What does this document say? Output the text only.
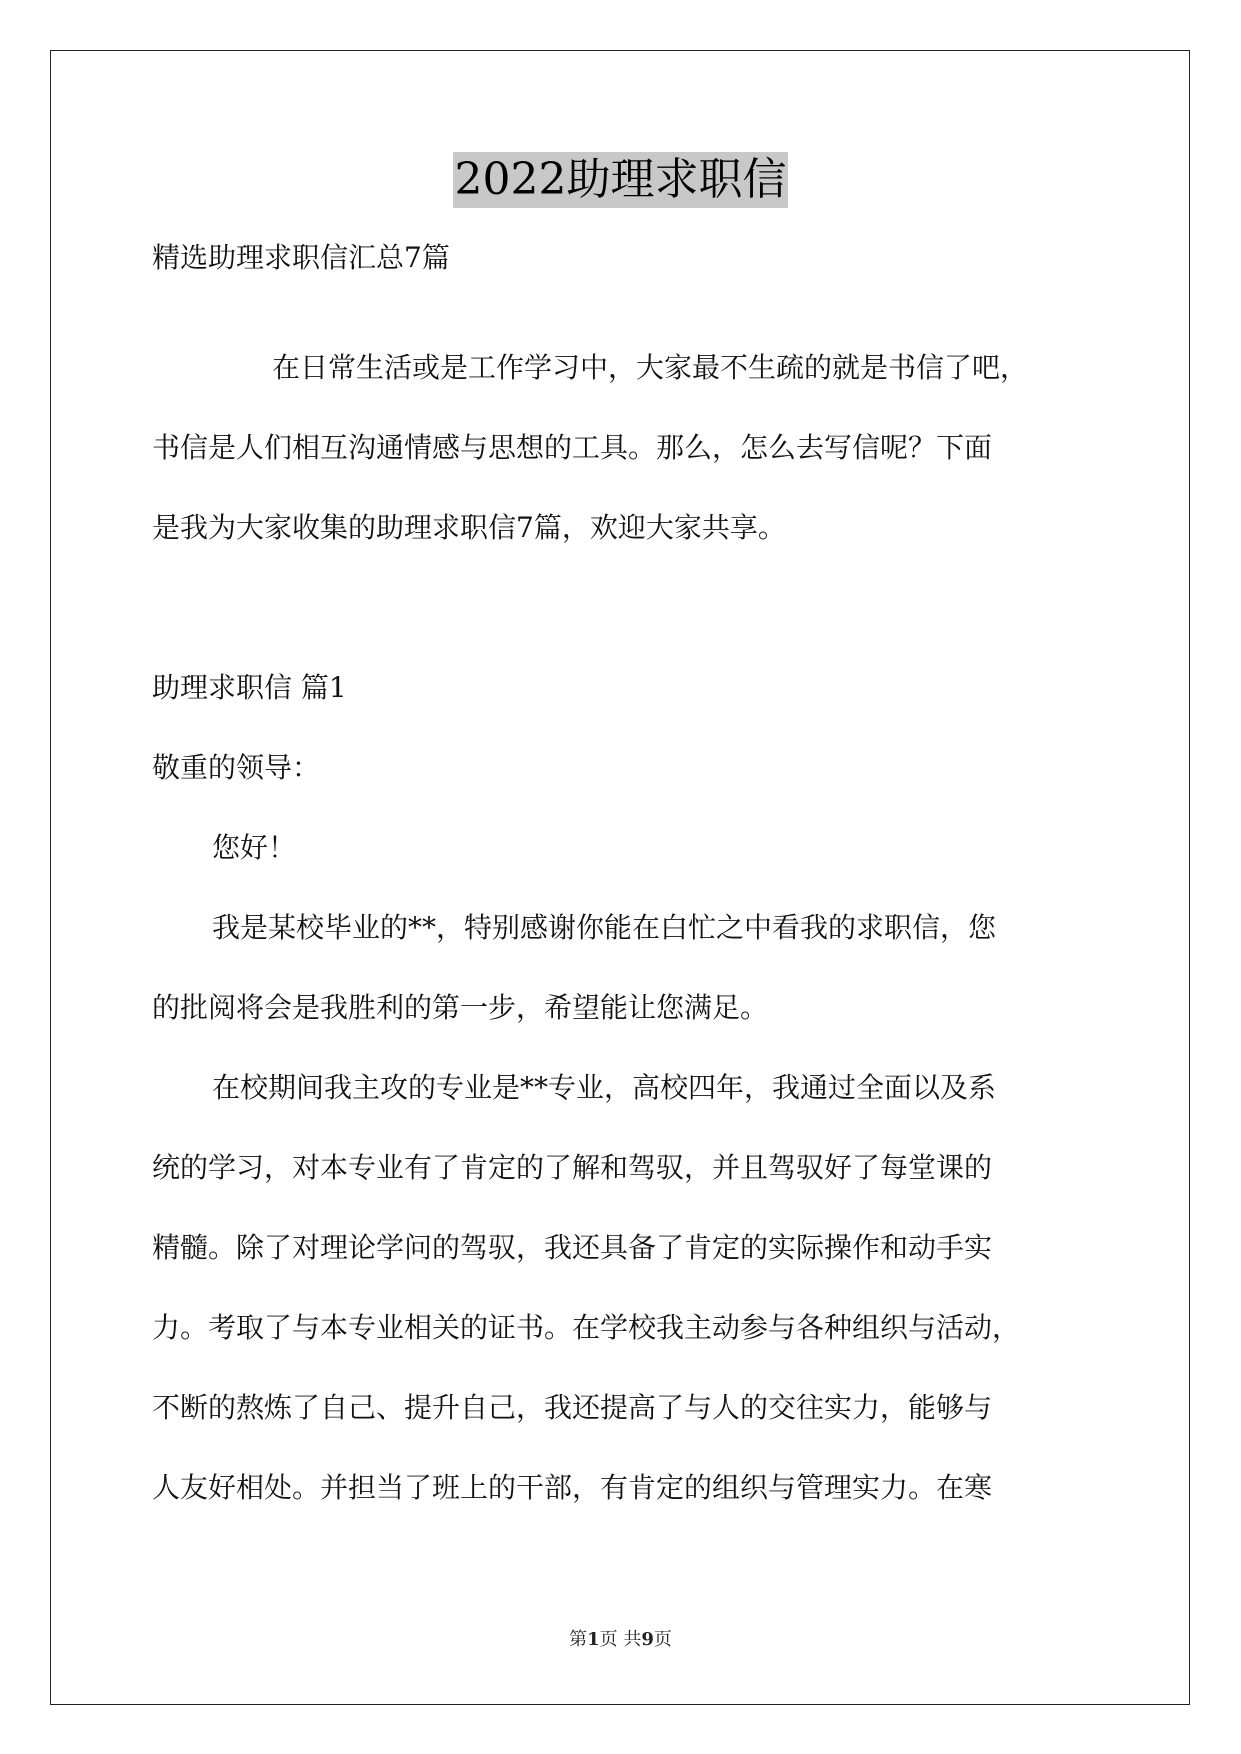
2022助理求职信
精选助理求职信汇总7篇
在日常生活或是工作学习中，大家最不生疏的就是书信了吧，
书信是人们相互沟通情感与思想的工具。那么，怎么去写信呢？下面
是我为大家收集的助理求职信7篇，欢迎大家共享。
助理求职信 篇1
敬重的领导：
您好！
我是某校毕业的**，特别感谢你能在白忙之中看我的求职信，您
的批阅将会是我胜利的第一步，希望能让您满足。
在校期间我主攻的专业是**专业，高校四年，我通过全面以及系
统的学习，对本专业有了肯定的了解和驾驭，并且驾驭好了每堂课的
精髓。除了对理论学问的驾驭，我还具备了肯定的实际操作和动手实
力。考取了与本专业相关的证书。在学校我主动参与各种组织与活动，
不断的熬炼了自己、提升自己，我还提高了与人的交往实力，能够与
人友好相处。并担当了班上的干部，有肯定的组织与管理实力。在寒
第1页 共9页
